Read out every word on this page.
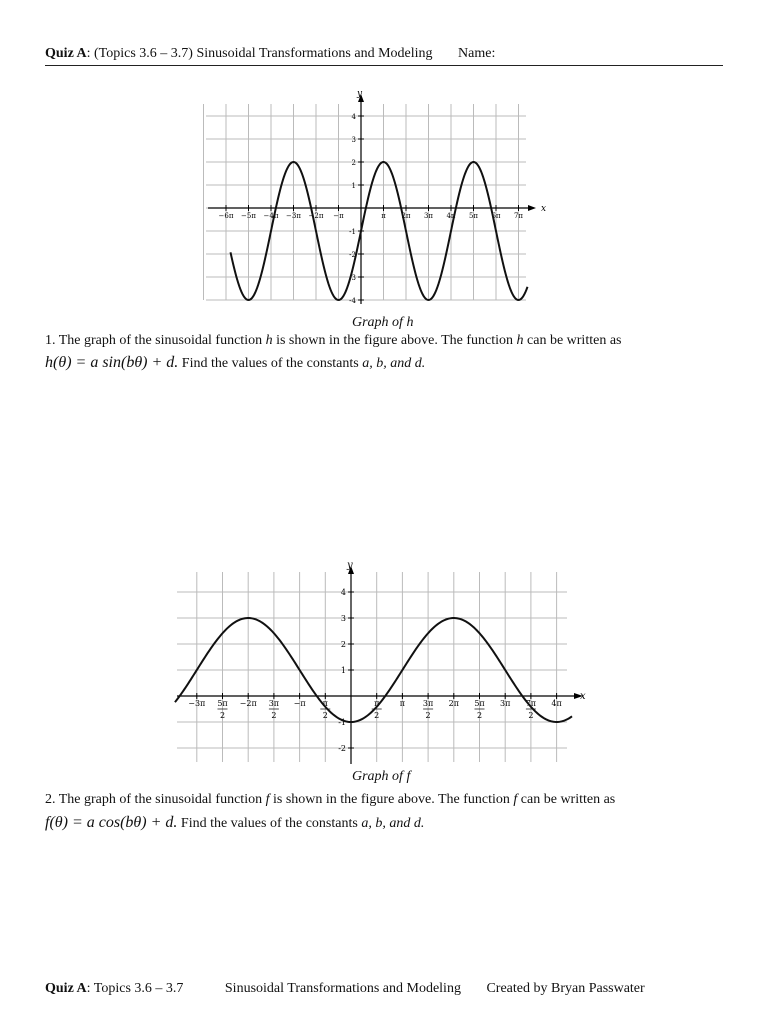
Quiz A: (Topics 3.6 – 3.7) Sinusoidal Transformations and Modeling Name:
x
y
4
3
2
1
-1
-2
-3
-4
−6π −5π −4π −3π −2π −π	π 2π 3π 4π 5π 6π 7π
Graph of h
1. The graph of the sinusoidal function h is shown in the figure above. The function h can be written as
h(θ) = a sin(bθ) + d. Find the values of the constants a, b, and d.
x
y
4
3
2
1
-1
-2
−3π 5π
2
−2π 3π
2
−π π
2
π
2
π 3π
2
2π 5π
2
3π 7π
2
4π
Graph of f
2. The graph of the sinusoidal function f is shown in the figure above. The function f can be written as
f(θ) = a cos(bθ) + d. Find the values of the constants a, b, and d.
Quiz A: Topics 3.6 – 3.7	Sinusoidal Transformations and Modeling Created by Bryan Passwater
